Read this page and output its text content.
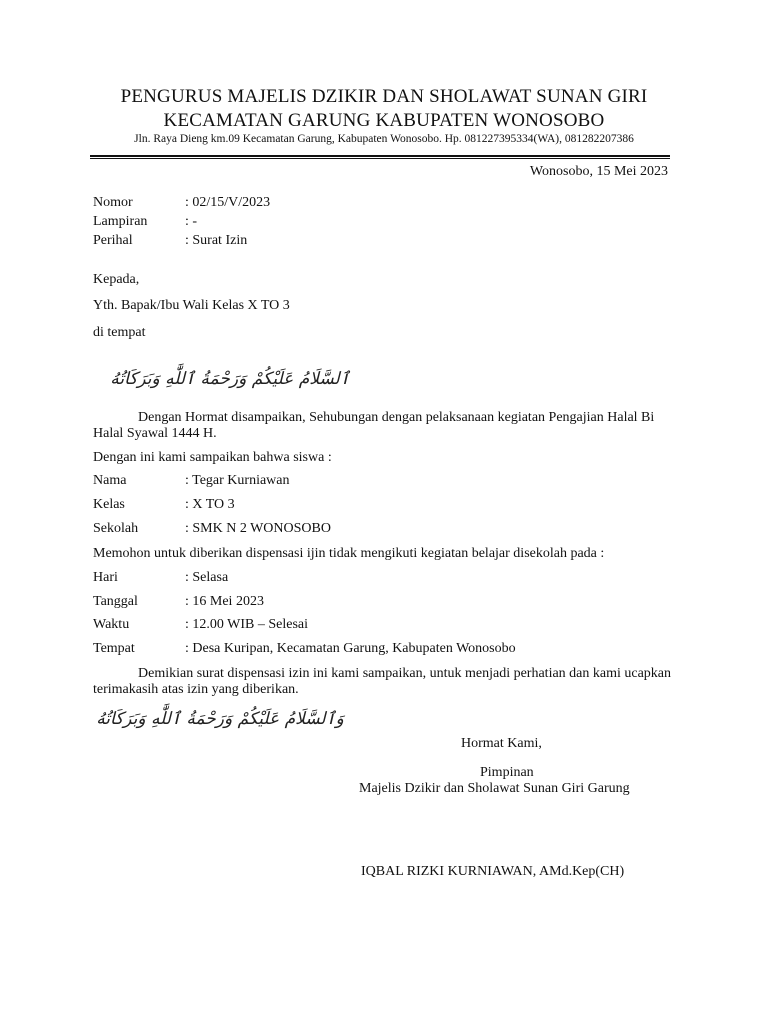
PENGURUS MAJELIS DZIKIR DAN SHOLAWAT SUNAN GIRI
KECAMATAN GARUNG KABUPATEN WONOSOBO
Jln. Raya Dieng km.09 Kecamatan Garung, Kabupaten Wonosobo. Hp. 081227395334(WA), 081282207386
Wonosobo, 15 Mei 2023
Nomor	: 02/15/V/2023
Lampiran	: -
Perihal	: Surat Izin
Kepada,
Yth. Bapak/Ibu Wali Kelas X TO 3
di tempat
ٱلسَّلَامُ عَلَيْكُمْ وَرَحْمَةُ ٱللَّٰهِ وَبَرَكَاتُهُ
Dengan Hormat disampaikan, Sehubungan dengan pelaksanaan kegiatan Pengajian Halal Bi Halal Syawal 1444 H.
Dengan ini kami sampaikan bahwa siswa :
Nama	: Tegar Kurniawan
Kelas	: X TO 3
Sekolah	: SMK N 2 WONOSOBO
Memohon untuk diberikan dispensasi ijin tidak mengikuti kegiatan belajar disekolah pada :
Hari	: Selasa
Tanggal	: 16 Mei 2023
Waktu	: 12.00 WIB – Selesai
Tempat	: Desa Kuripan, Kecamatan Garung, Kabupaten Wonosobo
Demikian surat dispensasi izin ini kami sampaikan, untuk menjadi perhatian dan kami ucapkan terimakasih atas izin yang diberikan.
وَٱلسَّلَامُ عَلَيْكُمْ وَرَحْمَةُ ٱللَّٰهِ وَبَرَكَاتُهُ
Hormat Kami,
Pimpinan
Majelis Dzikir dan Sholawat Sunan Giri Garung
IQBAL RIZKI KURNIAWAN, AMd.Kep(CH)
